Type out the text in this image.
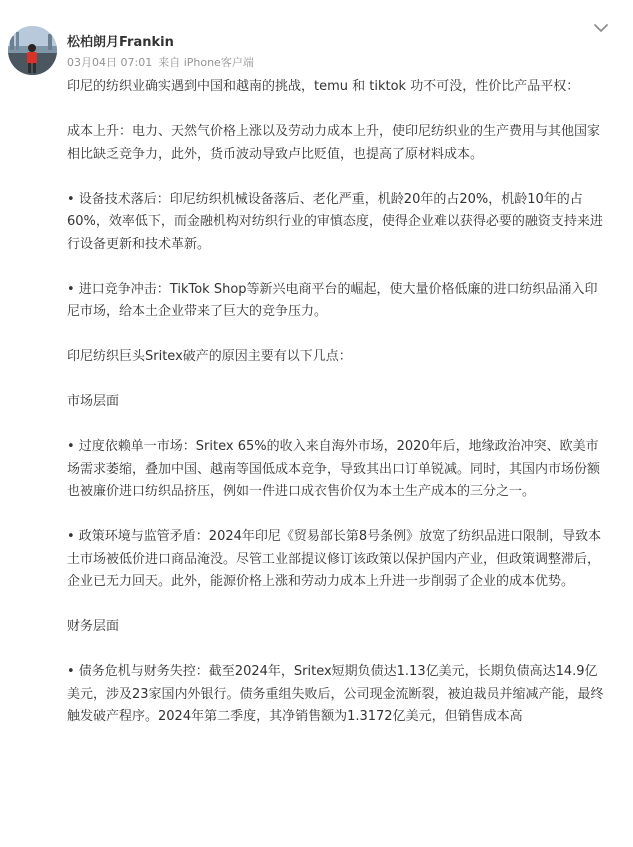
松柏朗月Frankin
03月04日 07:01 来自 iPhone客户端

印尼的纺织业确实遇到中国和越南的挑战，temu 和 tiktok 功不可没，性价比产品平权：

成本上升：电力、天然气价格上涨以及劳动力成本上升，使印尼纺织业的生产费用与其他国家相比缺乏竞争力，此外，货币波动导致卢比贬值，也提高了原材料成本。

• 设备技术落后：印尼纺织机械设备落后、老化严重，机龄20年的占20%，机龄10年的占60%，效率低下，而金融机构对纺织行业的审慎态度，使得企业难以获得必要的融资支持来进行设备更新和技术革新。

• 进口竞争冲击：TikTok Shop等新兴电商平台的崛起，使大量价格低廉的进口纺织品涌入印尼市场，给本土企业带来了巨大的竞争压力。

印尼纺织巨头Sritex破产的原因主要有以下几点：

市场层面

• 过度依赖单一市场：Sritex 65%的收入来自海外市场，2020年后，地缘政治冲突、欧美市场需求萎缩，叠加中国、越南等国低成本竞争，导致其出口订单锐减。同时，其国内市场份额也被廉价进口纺织品挤压，例如一件进口成衣售价仅为本土生产成本的三分之一。

• 政策环境与监管矛盾：2024年印尼《贸易部长第8号条例》放宽了纺织品进口限制，导致本土市场被低价进口商品淹没。尽管工业部提议修订该政策以保护国内产业，但政策调整滞后，企业已无力回天。此外，能源价格上涨和劳动力成本上升进一步削弱了企业的成本优势。

财务层面

• 债务危机与财务失控：截至2024年，Sritex短期负债达1.13亿美元，长期负债高达14.9亿美元，涉及23家国内外银行。债务重组失败后，公司现金流断裂，被迫裁员并缩减产能，最终触发破产程序。2024年第二季度，其净销售额为1.3172亿美元，但销售成本高
